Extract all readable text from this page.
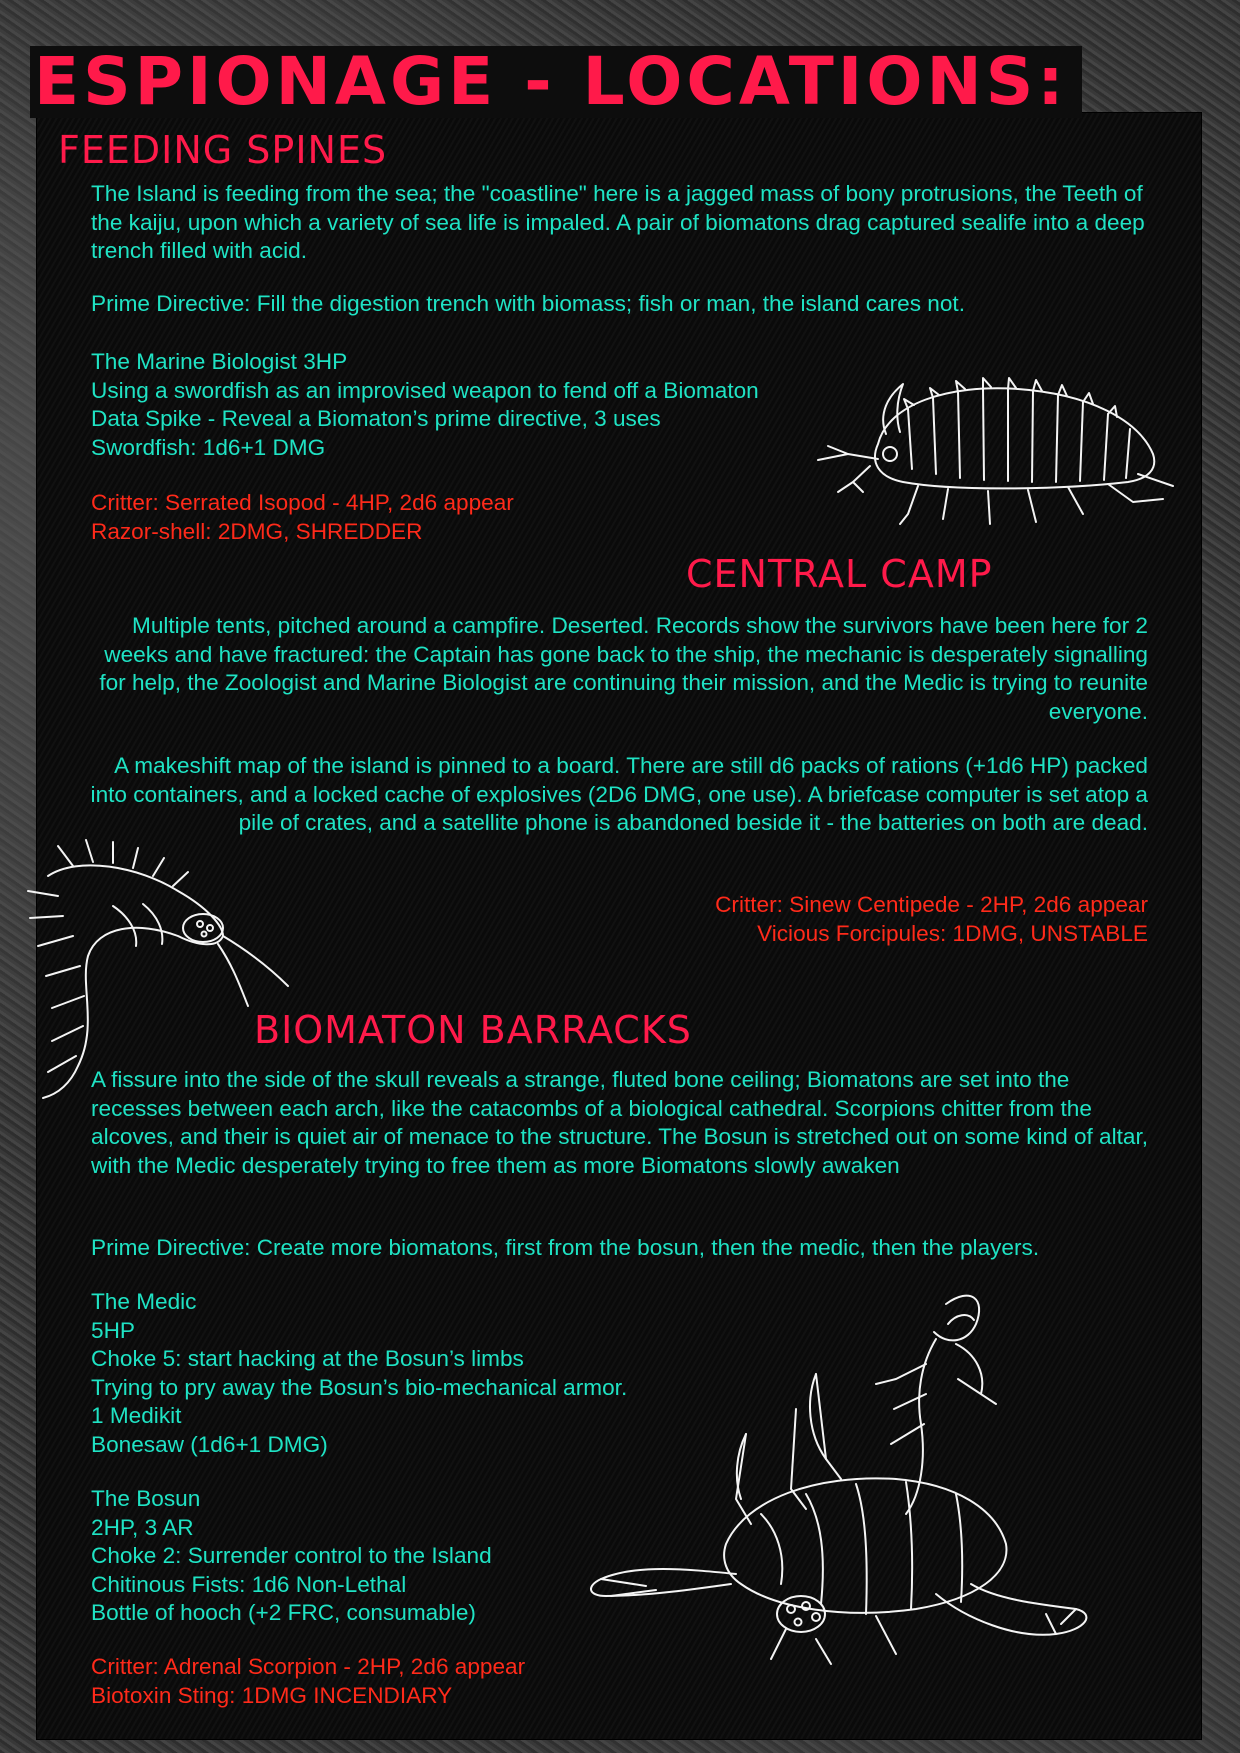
ESPIONAGE - LOCATIONS:
FEEDING SPINES

The Island is feeding from the sea; the "coastline" here is a jagged mass of bony protrusions, the Teeth of the kaiju, upon which a variety of sea life is impaled. A pair of biomatons drag captured sealife into a deep trench filled with acid.

Prime Directive: Fill the digestion trench with biomass; fish or man, the island cares not.

The Marine Biologist 3HP
Using a swordfish as an improvised weapon to fend off a Biomaton
Data Spike - Reveal a Biomaton’s prime directive, 3 uses
Swordfish: 1d6+1 DMG
Critter: Serrated Isopod - 4HP, 2d6 appear
Razor-shell: 2DMG, SHREDDER
CENTRAL CAMP

Multiple tents, pitched around a campfire. Deserted. Records show the survivors have been here for 2 weeks and have fractured: the Captain has gone back to the ship, the mechanic is desperately signalling for help, the Zoologist and Marine Biologist are continuing their mission, and the Medic is trying to reunite everyone.

A makeshift map of the island is pinned to a board. There are still d6 packs of rations (+1d6 HP) packed into containers, and a locked cache of explosives (2D6 DMG, one use). A briefcase computer is set atop a pile of crates, and a satellite phone is abandoned beside it - the batteries on both are dead.

Critter: Sinew Centipede - 2HP, 2d6 appear
Vicious Forcipules: 1DMG, UNSTABLE
BIOMATON BARRACKS

A fissure into the side of the skull reveals a strange, fluted bone ceiling; Biomatons are set into the recesses between each arch, like the catacombs of a biological cathedral. Scorpions chitter from the alcoves, and their is quiet air of menace to the structure. The Bosun is stretched out on some kind of altar, with the Medic desperately trying to free them as more Biomatons slowly awaken

Prime Directive: Create more biomatons, first from the bosun, then the medic, then the players.

The Medic
5HP
Choke 5: start hacking at the Bosun’s limbs
Trying to pry away the Bosun’s bio-mechanical armor.
1 Medikit
Bonesaw (1d6+1 DMG)
The Bosun
2HP, 3 AR
Choke 2: Surrender control to the Island
Chitinous Fists: 1d6 Non-Lethal
Bottle of hooch (+2 FRC, consumable)
Critter: Adrenal Scorpion - 2HP, 2d6 appear
Biotoxin Sting: 1DMG INCENDIARY
